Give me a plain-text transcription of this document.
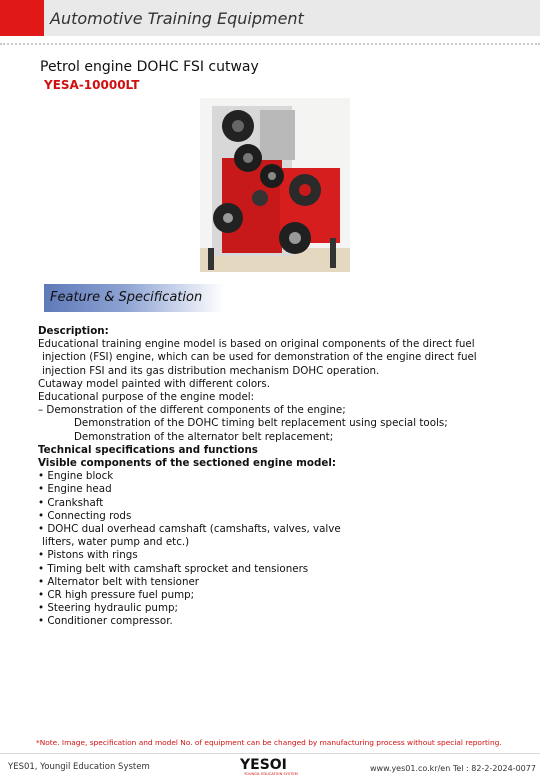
Automotive Training Equipment
Petrol engine DOHC FSI cutway
YESA-10000LT
Feature & Specification
Description:
Educational training engine model is based on original components of the direct fuel
injection (FSI) engine, which can be used for demonstration of the engine direct fuel
injection FSI and its gas distribution mechanism DOHC operation.
Cutaway model painted with different colors.
Educational purpose of the engine model:
– Demonstration of the different components of the engine;
Demonstration of the DOHC timing belt replacement using special tools;
Demonstration of the alternator belt replacement;
Technical specifications and functions
Visible components of the sectioned engine model:
• Engine block
• Engine head
• Crankshaft
• Connecting rods
• DOHC dual overhead camshaft (camshafts, valves, valve
lifters, water pump and etc.)
• Pistons with rings
• Timing belt with camshaft sprocket and tensioners
• Alternator belt with tensioner
• CR high pressure fuel pump;
• Steering hydraulic pump;
• Conditioner compressor.
*Note. Image, specification and model No. of equipment can be changed by manufacturing process without special reporting.
YES01, Youngil Education System	YESOI
YOUNGIL EDUCATION SYSTEM
www.yes01.co.kr/en Tel : 82-2-2024-0077
